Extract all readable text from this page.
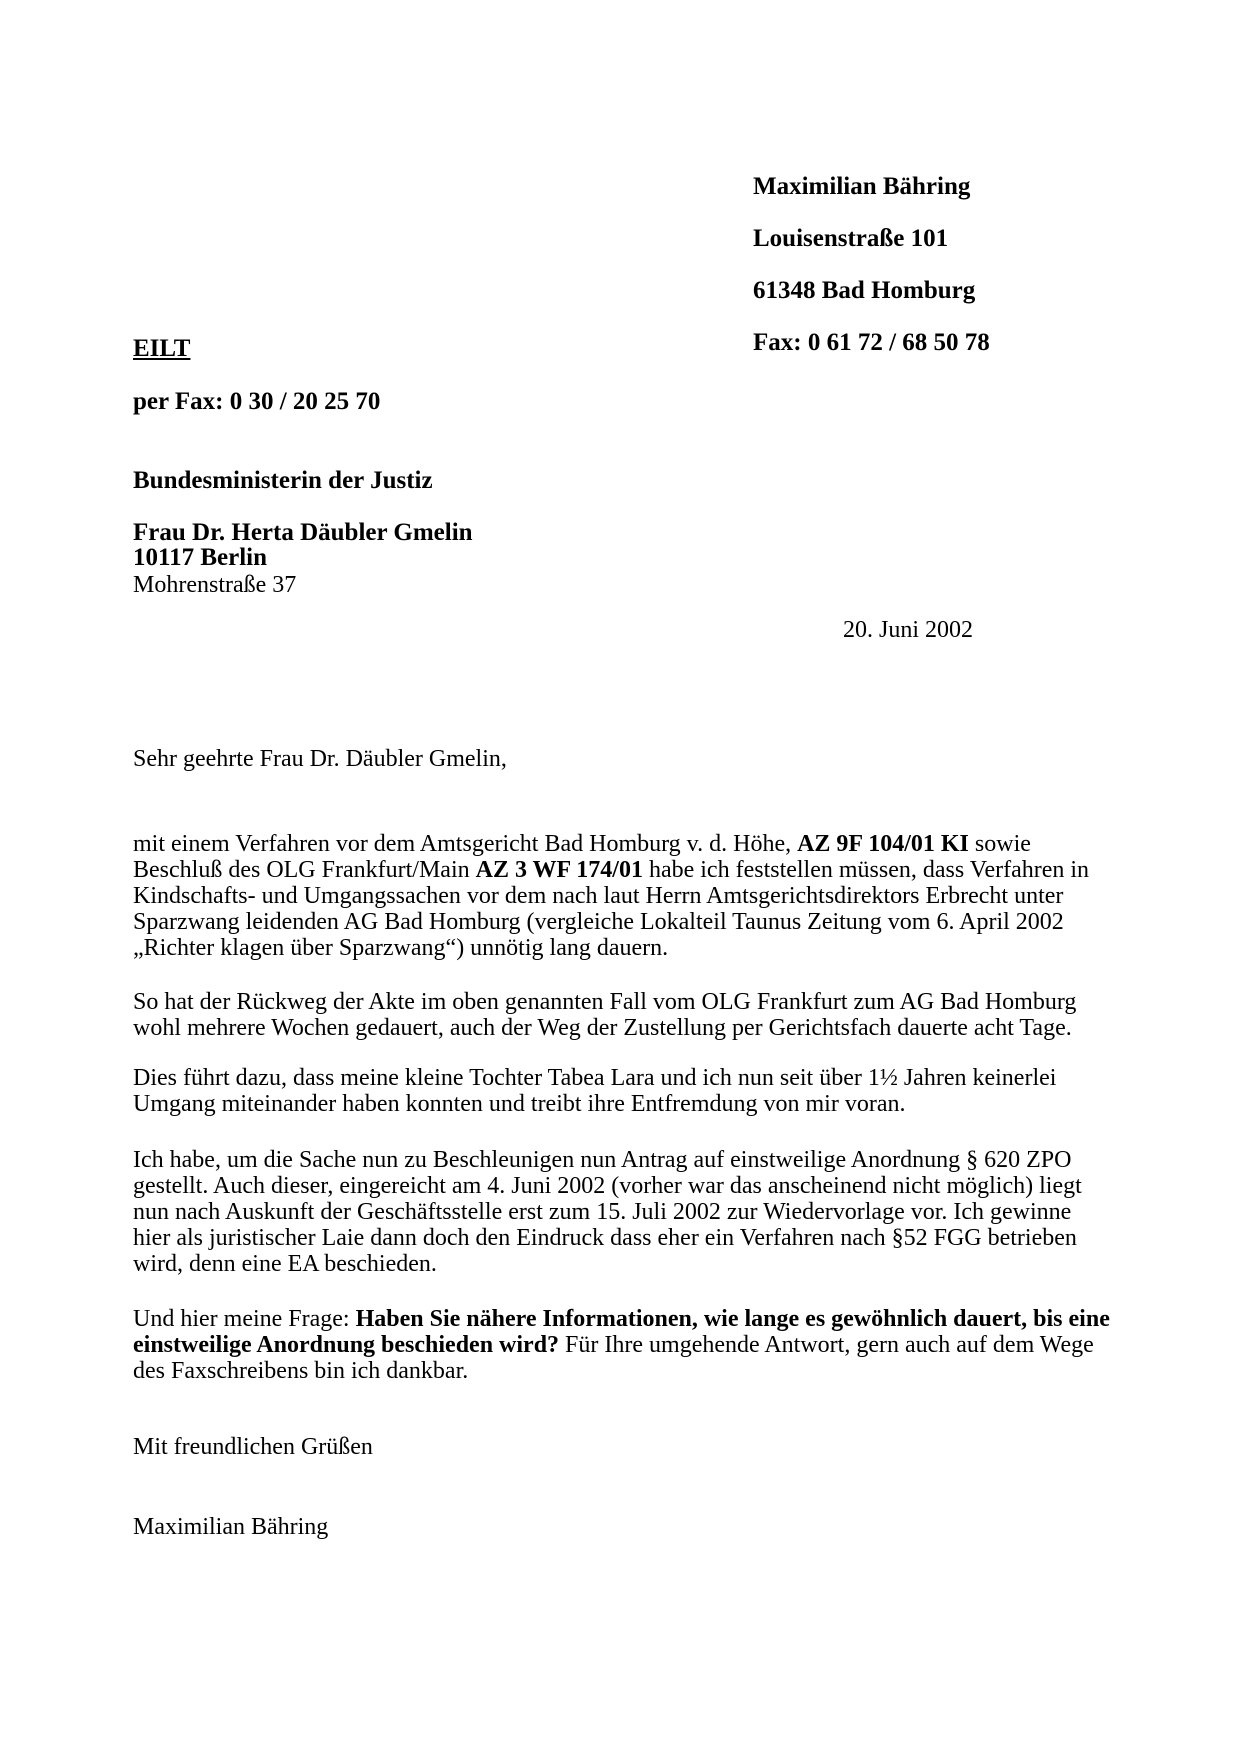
Maximilian Bähring

Louisenstraße 101

61348 Bad Homburg

Fax: 0 61 72 / 68 50 78

EILT
per Fax: 0 30 / 20 25 70

Bundesministerin der Justiz

Frau Dr. Herta Däubler Gmelin

Mohrenstraße 37

10117 Berlin
20. Juni 2002
Sehr geehrte Frau Dr. Däubler Gmelin,
mit einem Verfahren vor dem Amtsgericht Bad Homburg v. d. Höhe, AZ 9F 104/01 KI sowie Beschluß des OLG Frankfurt/Main AZ 3 WF 174/01 habe ich feststellen müssen, dass Verfahren in Kindschafts- und Umgangssachen vor dem nach laut Herrn Amtsgerichtsdirektors Erbrecht unter Sparzwang leidenden AG Bad Homburg (vergleiche Lokalteil Taunus Zeitung vom 6. April 2002 „Richter klagen über Sparzwang“) unnötig lang dauern.
So hat der Rückweg der Akte im oben genannten Fall vom OLG Frankfurt zum AG Bad Homburg wohl mehrere Wochen gedauert, auch der Weg der Zustellung per Gerichtsfach dauerte acht Tage.
Dies führt dazu, dass meine kleine Tochter Tabea Lara und ich nun seit über 1½ Jahren keinerlei Umgang miteinander haben konnten und treibt ihre Entfremdung von mir voran.
Ich habe, um die Sache nun zu Beschleunigen nun Antrag auf einstweilige Anordnung § 620 ZPO gestellt. Auch dieser, eingereicht am 4. Juni 2002 (vorher war das anscheinend nicht möglich) liegt nun nach Auskunft der Geschäftsstelle erst zum 15. Juli 2002 zur Wiedervorlage vor. Ich gewinne hier als juristischer Laie dann doch den Eindruck dass eher ein Verfahren nach §52 FGG betrieben wird, denn eine EA beschieden.
Und hier meine Frage: Haben Sie nähere Informationen, wie lange es gewöhnlich dauert, bis eine einstweilige Anordnung beschieden wird? Für Ihre umgehende Antwort, gern auch auf dem Wege des Faxschreibens bin ich dankbar.
Mit freundlichen Grüßen
Maximilian Bähring
